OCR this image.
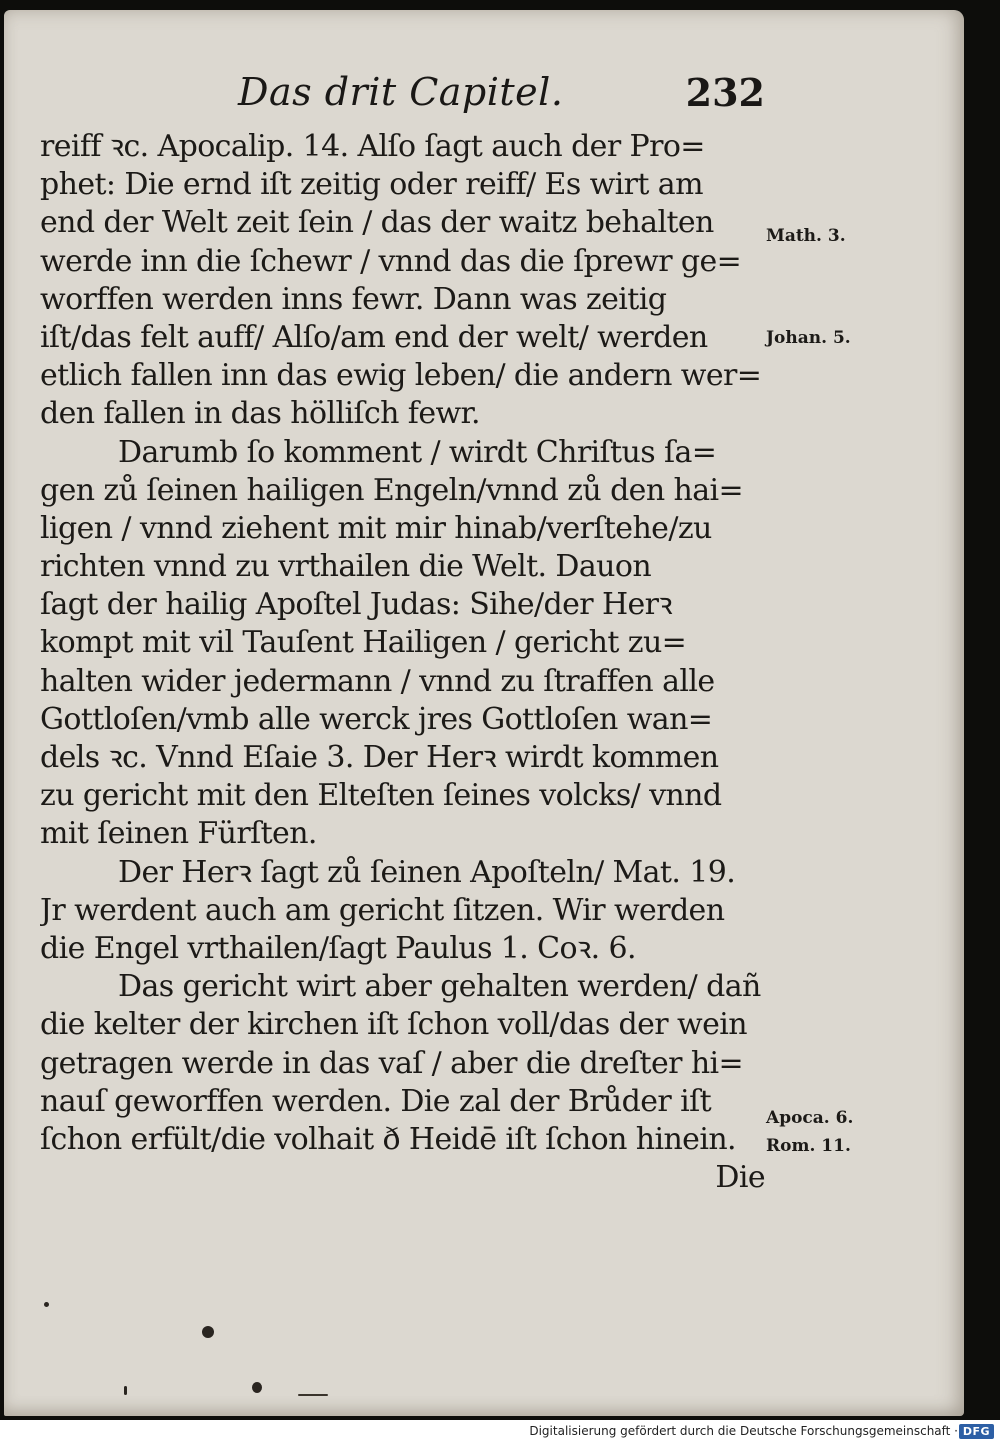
Das drit Capitel.	232
reiff ꝛc. Apocalip. 14. Alſo ſagt auch der Pro=
phet: Die ernd iſt zeitig oder reiff/ Es wirt am
end der Welt zeit ſein / das der waitz behalten
werde inn die ſchewr / vnnd das die ſprewr ge=
worffen werden inns fewr. Dann was zeitig
iſt/das felt auff/ Alſo/am end der welt/ werden
etlich fallen inn das ewig leben/ die andern wer=
den fallen in das hölliſch fewr.
Darumb ſo komment / wirdt Chriſtus ſa=
gen zů ſeinen hailigen Engeln/vnnd zů den hai=
ligen / vnnd ziehent mit mir hinab/verſtehe/zu
richten vnnd zu vrthailen die Welt. Dauon
ſagt der hailig Apoſtel Judas: Sihe/der Herꝛ
kompt mit vil Tauſent Hailigen / gericht zu=
halten wider jedermann / vnnd zu ſtraffen alle
Gottloſen/vmb alle werck jres Gottloſen wan=
dels ꝛc. Vnnd Eſaie 3. Der Herꝛ wirdt kommen
zu gericht mit den Elteſten ſeines volcks/ vnnd
mit ſeinen Fürſten.
Der Herꝛ ſagt zů ſeinen Apoſteln/ Mat. 19.
Jr werdent auch am gericht ſitzen. Wir werden
die Engel vrthailen/ſagt Paulus 1. Coꝛ. 6.
Das gericht wirt aber gehalten werden/ dañ
die kelter der kirchen iſt ſchon voll/das der wein
getragen werde in das vaſ / aber die dreſter hi=
nauſ geworffen werden. Die zal der Brůder iſt
ſchon erfült/die volhait ð Heidē iſt ſchon hinein.
Die
Math. 3.
Johan. 5.
Apoca. 6.
Rom. 11.
Digitalisierung gefördert durch die Deutsche Forschungsgemeinschaft · DFG
